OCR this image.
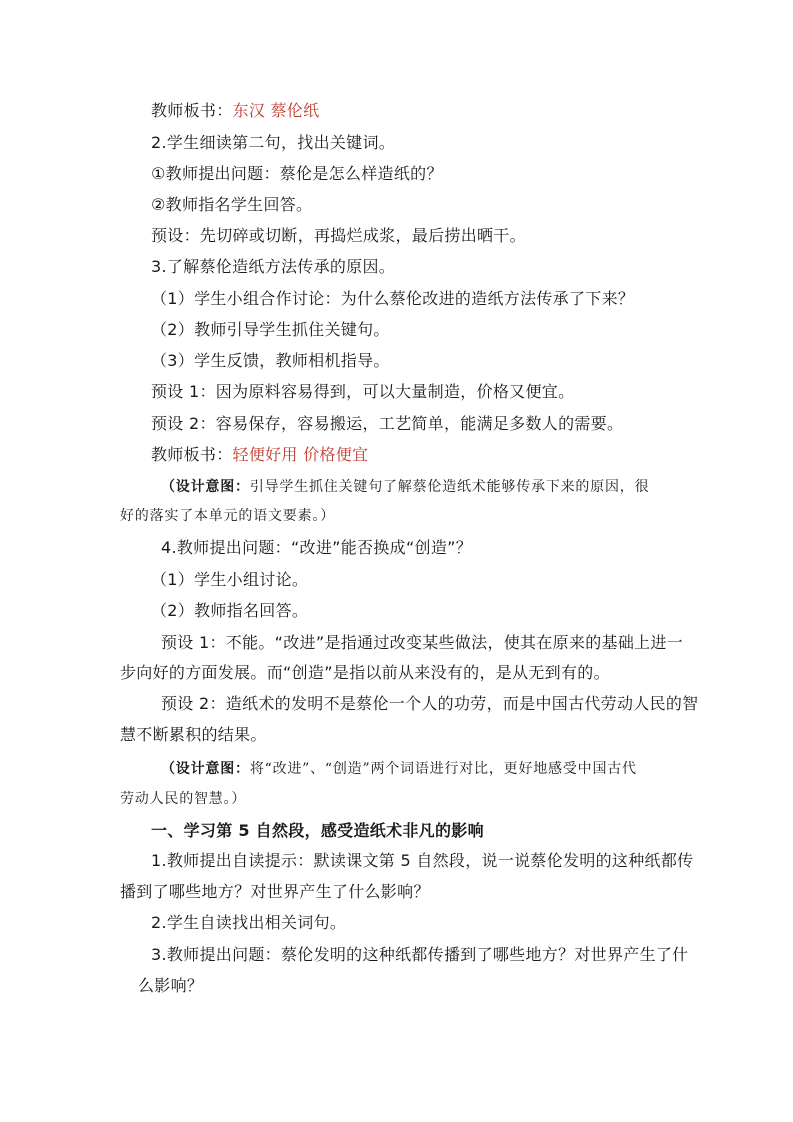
教师板书：东汉 蔡伦纸
2.学生细读第二句，找出关键词。
①教师提出问题：蔡伦是怎么样造纸的？
②教师指名学生回答。
预设：先切碎或切断，再捣烂成浆，最后捞出晒干。
3.了解蔡伦造纸方法传承的原因。
（1）学生小组合作讨论：为什么蔡伦改进的造纸方法传承了下来？
（2）教师引导学生抓住关键句。
（3）学生反馈，教师相机指导。
预设 1：因为原料容易得到，可以大量制造，价格又便宜。
预设 2：容易保存，容易搬运，工艺简单，能满足多数人的需要。
教师板书：轻便好用 价格便宜
（设计意图：引导学生抓住关键句了解蔡伦造纸术能够传承下来的原因，很
好的落实了本单元的语文要素。）
4.教师提出问题：“改进”能否换成“创造”？
（1）学生小组讨论。
（2）教师指名回答。
预设 1：不能。“改进”是指通过改变某些做法，使其在原来的基础上进一
步向好的方面发展。而“创造”是指以前从来没有的，是从无到有的。
预设 2：造纸术的发明不是蔡伦一个人的功劳，而是中国古代劳动人民的智
慧不断累积的结果。
（设计意图：将“改进”、“创造”两个词语进行对比，更好地感受中国古代
劳动人民的智慧。）
一、学习第 5 自然段，感受造纸术非凡的影响
1.教师提出自读提示：默读课文第 5 自然段，说一说蔡伦发明的这种纸都传
播到了哪些地方？对世界产生了什么影响？
2.学生自读找出相关词句。
3.教师提出问题：蔡伦发明的这种纸都传播到了哪些地方？对世界产生了什
么影响？
